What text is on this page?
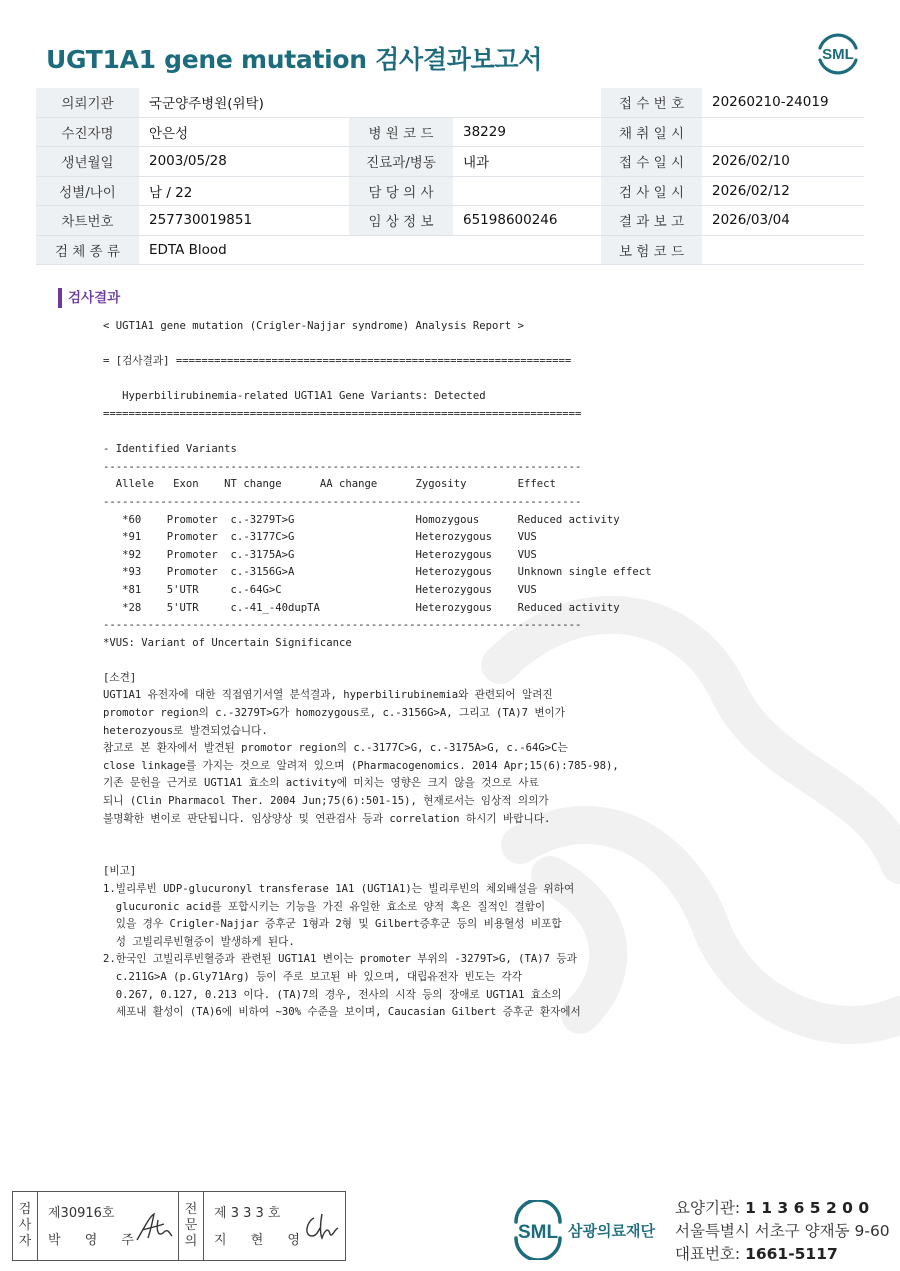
UGT1A1 gene mutation 검사결과보고서	SML
의뢰기관	국군양주병원(위탁)			접 수 번 호	20260210-24019
수진자명	안은성	병 원 코 드	38229	채 취 일 시	
생년월일	2003/05/28	진료과/병동	내과	접 수 일 시	2026/02/10
성별/나이	남 / 22	담 당 의 사		검 사 일 시	2026/02/12
차트번호	257730019851	임 상 정 보	65198600246	결 과 보 고	2026/03/04
검 체 종 류	EDTA Blood			보 험 코 드	
검사결과
< UGT1A1 gene mutation (Crigler-Najjar syndrome) Analysis Report >

= [검사결과] ==============================================================

Hyperbilirubinemia-related UGT1A1 Gene Variants: Detected
===========================================================================

- Identified Variants
---------------------------------------------------------------------------
Allele   Exon    NT change      AA change      Zygosity        Effect
---------------------------------------------------------------------------
*60    Promoter  c.-3279T>G                   Homozygous      Reduced activity
*91    Promoter  c.-3177C>G                   Heterozygous    VUS
*92    Promoter  c.-3175A>G                   Heterozygous    VUS
*93    Promoter  c.-3156G>A                   Heterozygous    Unknown single effect
*81    5'UTR     c.-64G>C                     Heterozygous    VUS
*28    5'UTR     c.-41_-40dupTA               Heterozygous    Reduced activity
---------------------------------------------------------------------------
*VUS: Variant of Uncertain Significance

[소견]
UGT1A1 유전자에 대한 직접염기서열 분석결과, hyperbilirubinemia와 관련되어 알려진
promotor region의 c.-3279T>G가 homozygous로, c.-3156G>A, 그리고 (TA)7 변이가
heterozyous로 발견되었습니다.
참고로 본 환자에서 발견된 promotor region의 c.-3177C>G, c.-3175A>G, c.-64G>C는
close linkage를 가지는 것으로 알려져 있으며 (Pharmacogenomics. 2014 Apr;15(6):785-98),
기존 문헌을 근거로 UGT1A1 효소의 activity에 미치는 영향은 크지 않을 것으로 사료
되니 (Clin Pharmacol Ther. 2004 Jun;75(6):501-15), 현재로서는 임상적 의의가
불명확한 변이로 판단됩니다. 임상양상 및 연관검사 등과 correlation 하시기 바랍니다.

[비고]
1.빌리루빈 UDP-glucuronyl transferase 1A1 (UGT1A1)는 빌리루빈의 체외배설을 위하여
glucuronic acid를 포합시키는 기능을 가진 유일한 효소로 양적 혹은 질적인 결함이
있을 경우 Crigler-Najjar 증후군 1형과 2형 및 Gilbert증후군 등의 비용혈성 비포합
성 고빌리루빈혈증이 발생하게 된다.
2.한국인 고빌리루빈혈증과 관련된 UGT1A1 변이는 promoter 부위의 -3279T>G, (TA)7 등과
c.211G>A (p.Gly71Arg) 등이 주로 보고된 바 있으며, 대립유전자 빈도는 각각
0.267, 0.127, 0.213 이다. (TA)7의 경우, 전사의 시작 등의 장애로 UGT1A1 효소의
세포내 활성이 (TA)6에 비하여 ~30% 수준을 보이며, Caucasian Gilbert 증후군 환자에서
검
사
자
제30916호
박 영 주
전
문
의
제 3 3 3 호
지 현 영	SML 삼광의료재단
요양기관: 1 1 3 6 5 2 0 0
서울특별시 서초구 양재동 9-60
대표번호: 1661-5117
